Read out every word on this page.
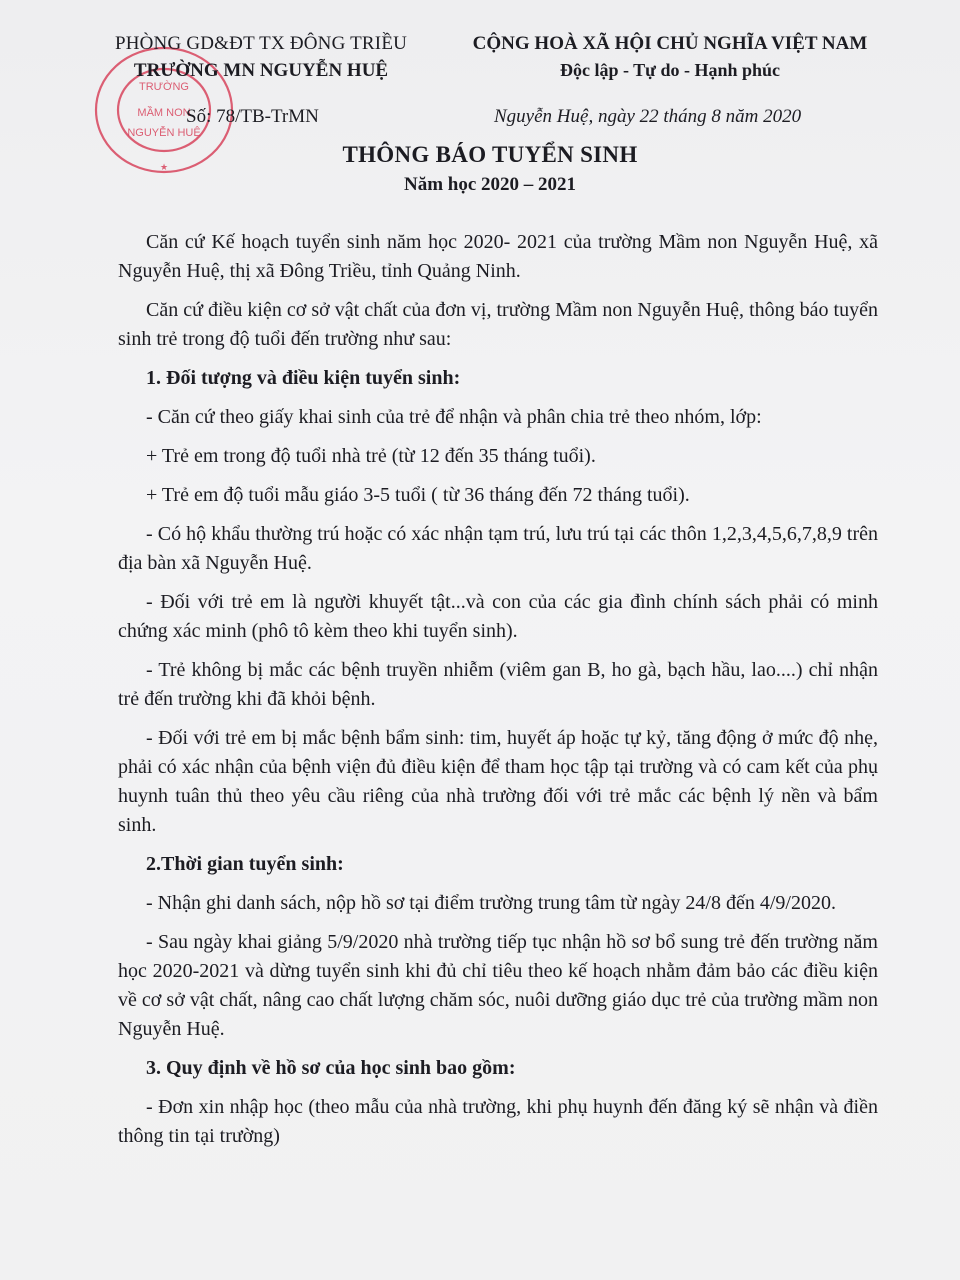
TRƯỜNG
MẦM NON
NGUYỄN HUỆ
★
PHÒNG GD&ĐT TX ĐÔNG TRIỀU
TRƯỜNG MN NGUYỄN HUỆ
CỘNG HOÀ XÃ HỘI CHỦ NGHĨA VIỆT NAM
Độc lập - Tự do - Hạnh phúc
Số: 78/TB-TrMN	Nguyễn Huệ, ngày 22 tháng 8 năm 2020
THÔNG BÁO TUYỂN SINH
Năm học 2020 – 2021

Căn cứ Kế hoạch tuyển sinh năm học 2020- 2021 của trường Mầm non Nguyễn Huệ, xã Nguyễn Huệ, thị xã Đông Triều, tỉnh Quảng Ninh.

Căn cứ điều kiện cơ sở vật chất của đơn vị, trường Mầm non Nguyễn Huệ, thông báo tuyển sinh trẻ trong độ tuổi đến trường như sau:

1. Đối tượng và điều kiện tuyển sinh:

- Căn cứ theo giấy khai sinh của trẻ để nhận và phân chia trẻ theo nhóm, lớp:

+ Trẻ em trong độ tuổi nhà trẻ (từ 12 đến 35 tháng tuổi).

+ Trẻ em độ tuổi mẫu giáo 3-5 tuổi ( từ 36 tháng đến 72 tháng tuổi).

- Có hộ khẩu thường trú hoặc có xác nhận tạm trú, lưu trú tại các thôn 1,2,3,4,5,6,7,8,9 trên địa bàn xã Nguyễn Huệ.

- Đối với trẻ em là người khuyết tật...và con của các gia đình chính sách phải có minh chứng xác minh (phô tô kèm theo khi tuyển sinh).

- Trẻ không bị mắc các bệnh truyền nhiễm (viêm gan B, ho gà, bạch hầu, lao....) chỉ nhận trẻ đến trường khi đã khỏi bệnh.

- Đối với trẻ em bị mắc bệnh bẩm sinh: tim, huyết áp hoặc tự kỷ, tăng động ở mức độ nhẹ, phải có xác nhận của bệnh viện đủ điều kiện để tham học tập tại trường và có cam kết của phụ huynh tuân thủ theo yêu cầu riêng của nhà trường đối với trẻ mắc các bệnh lý nền và bẩm sinh.

2.Thời gian tuyển sinh:

- Nhận ghi danh sách, nộp hồ sơ tại điểm trường trung tâm từ ngày 24/8 đến 4/9/2020.

- Sau ngày khai giảng 5/9/2020 nhà trường tiếp tục nhận hồ sơ bổ sung trẻ đến trường năm học 2020-2021 và dừng tuyển sinh khi đủ chỉ tiêu theo kế hoạch nhằm đảm bảo các điều kiện về cơ sở vật chất, nâng cao chất lượng chăm sóc, nuôi dưỡng giáo dục trẻ của trường mầm non Nguyễn Huệ.

3. Quy định về hồ sơ của học sinh bao gồm:

- Đơn xin nhập học (theo mẫu của nhà trường, khi phụ huynh đến đăng ký sẽ nhận và điền thông tin tại trường)
